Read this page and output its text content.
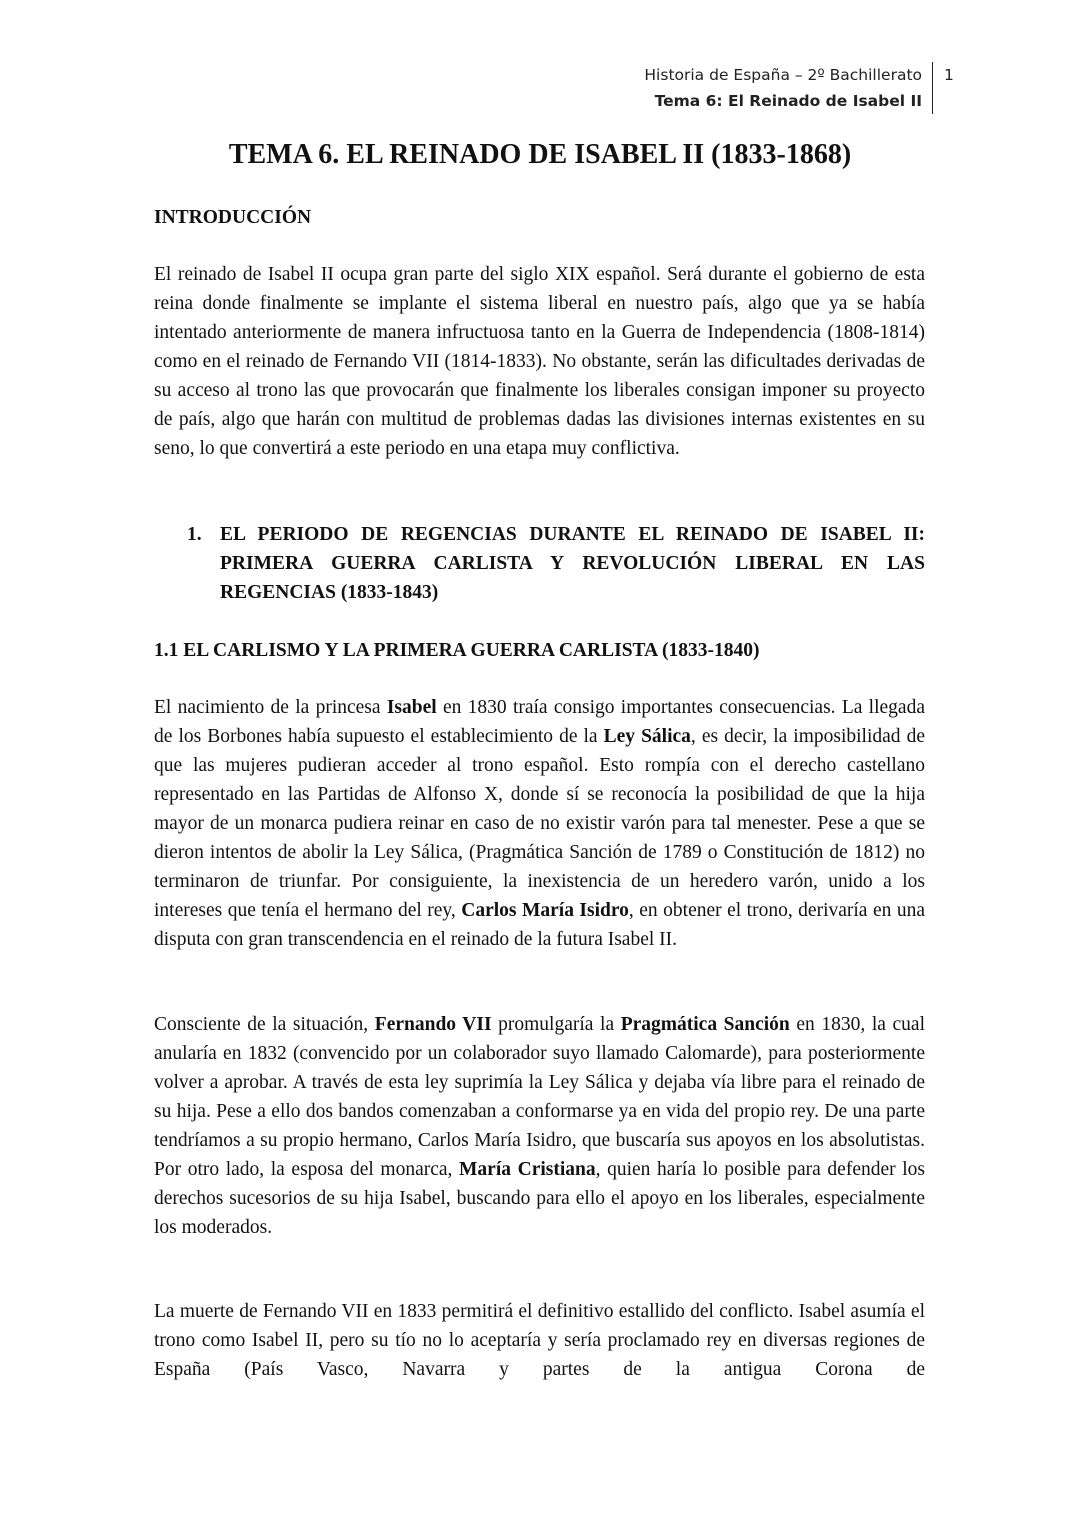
Historia de España – 2º Bachillerato
Tema 6: El Reinado de Isabel II
1
TEMA 6. EL REINADO DE ISABEL II (1833-1868)
INTRODUCCIÓN
El reinado de Isabel II ocupa gran parte del siglo XIX español. Será durante el gobierno de esta reina donde finalmente se implante el sistema liberal en nuestro país, algo que ya se había intentado anteriormente de manera infructuosa tanto en la Guerra de Independencia (1808-1814) como en el reinado de Fernando VII (1814-1833). No obstante, serán las dificultades derivadas de su acceso al trono las que provocarán que finalmente los liberales consigan imponer su proyecto de país, algo que harán con multitud de problemas dadas las divisiones internas existentes en su seno, lo que convertirá a este periodo en una etapa muy conflictiva.
1. EL PERIODO DE REGENCIAS DURANTE EL REINADO DE ISABEL II: PRIMERA GUERRA CARLISTA Y REVOLUCIÓN LIBERAL EN LAS REGENCIAS (1833-1843)
1.1 EL CARLISMO Y LA PRIMERA GUERRA CARLISTA (1833-1840)
El nacimiento de la princesa Isabel en 1830 traía consigo importantes consecuencias. La llegada de los Borbones había supuesto el establecimiento de la Ley Sálica, es decir, la imposibilidad de que las mujeres pudieran acceder al trono español. Esto rompía con el derecho castellano representado en las Partidas de Alfonso X, donde sí se reconocía la posibilidad de que la hija mayor de un monarca pudiera reinar en caso de no existir varón para tal menester. Pese a que se dieron intentos de abolir la Ley Sálica, (Pragmática Sanción de 1789 o Constitución de 1812) no terminaron de triunfar. Por consiguiente, la inexistencia de un heredero varón, unido a los intereses que tenía el hermano del rey, Carlos María Isidro, en obtener el trono, derivaría en una disputa con gran transcendencia en el reinado de la futura Isabel II.
Consciente de la situación, Fernando VII promulgaría la Pragmática Sanción en 1830, la cual anularía en 1832 (convencido por un colaborador suyo llamado Calomarde), para posteriormente volver a aprobar. A través de esta ley suprimía la Ley Sálica y dejaba vía libre para el reinado de su hija. Pese a ello dos bandos comenzaban a conformarse ya en vida del propio rey. De una parte tendríamos a su propio hermano, Carlos María Isidro, que buscaría sus apoyos en los absolutistas. Por otro lado, la esposa del monarca, María Cristiana, quien haría lo posible para defender los derechos sucesorios de su hija Isabel, buscando para ello el apoyo en los liberales, especialmente los moderados.
La muerte de Fernando VII en 1833 permitirá el definitivo estallido del conflicto. Isabel asumía el trono como Isabel II, pero su tío no lo aceptaría y sería proclamado rey en diversas regiones de España (País Vasco, Navarra y partes de la antigua Corona de
